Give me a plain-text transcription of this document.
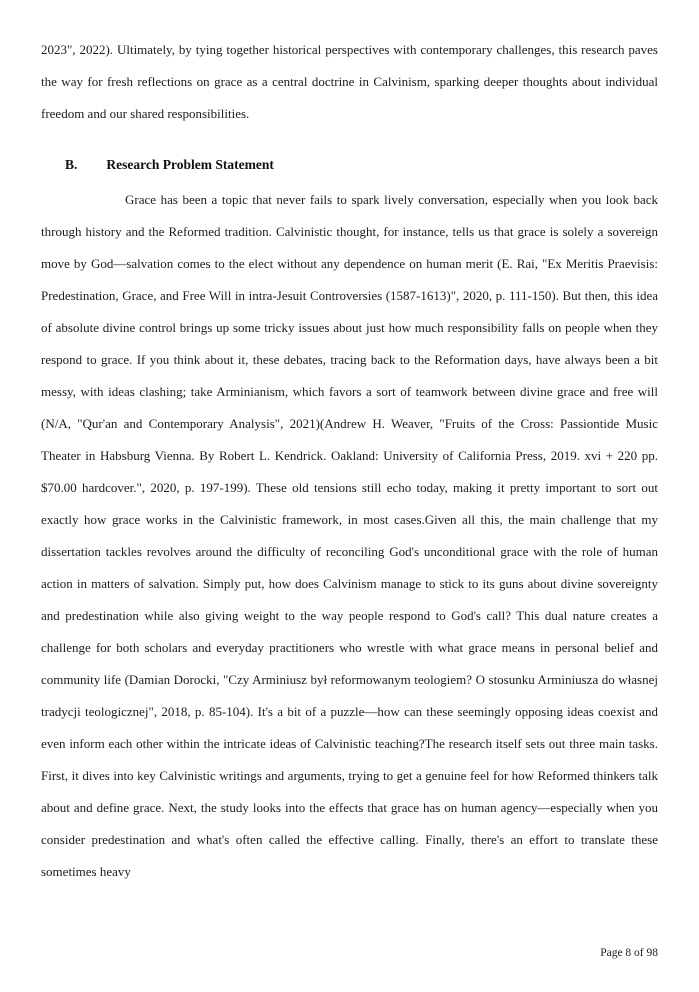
2023", 2022). Ultimately, by tying together historical perspectives with contemporary challenges, this research paves the way for fresh reflections on grace as a central doctrine in Calvinism, sparking deeper thoughts about individual freedom and our shared responsibilities.

B. Research Problem Statement

Grace has been a topic that never fails to spark lively conversation, especially when you look back through history and the Reformed tradition. Calvinistic thought, for instance, tells us that grace is solely a sovereign move by God—salvation comes to the elect without any dependence on human merit (E. Rai, "Ex Meritis Praevisis: Predestination, Grace, and Free Will in intra-Jesuit Controversies (1587-1613)", 2020, p. 111-150). But then, this idea of absolute divine control brings up some tricky issues about just how much responsibility falls on people when they respond to grace. If you think about it, these debates, tracing back to the Reformation days, have always been a bit messy, with ideas clashing; take Arminianism, which favors a sort of teamwork between divine grace and free will (N/A, "Qur'an and Contemporary Analysis", 2021)(Andrew H. Weaver, "Fruits of the Cross: Passiontide Music Theater in Habsburg Vienna. By Robert L. Kendrick. Oakland: University of California Press, 2019. xvi + 220 pp. $70.00 hardcover.", 2020, p. 197-199). These old tensions still echo today, making it pretty important to sort out exactly how grace works in the Calvinistic framework, in most cases.Given all this, the main challenge that my dissertation tackles revolves around the difficulty of reconciling God's unconditional grace with the role of human action in matters of salvation. Simply put, how does Calvinism manage to stick to its guns about divine sovereignty and predestination while also giving weight to the way people respond to God's call? This dual nature creates a challenge for both scholars and everyday practitioners who wrestle with what grace means in personal belief and community life (Damian Dorocki, "Czy Arminiusz był reformowanym teologiem? O stosunku Arminiusza do własnej tradycji teologicznej", 2018, p. 85-104). It's a bit of a puzzle—how can these seemingly opposing ideas coexist and even inform each other within the intricate ideas of Calvinistic teaching?The research itself sets out three main tasks. First, it dives into key Calvinistic writings and arguments, trying to get a genuine feel for how Reformed thinkers talk about and define grace. Next, the study looks into the effects that grace has on human agency—especially when you consider predestination and what's often called the effective calling. Finally, there's an effort to translate these sometimes heavy

Page 8 of 98
